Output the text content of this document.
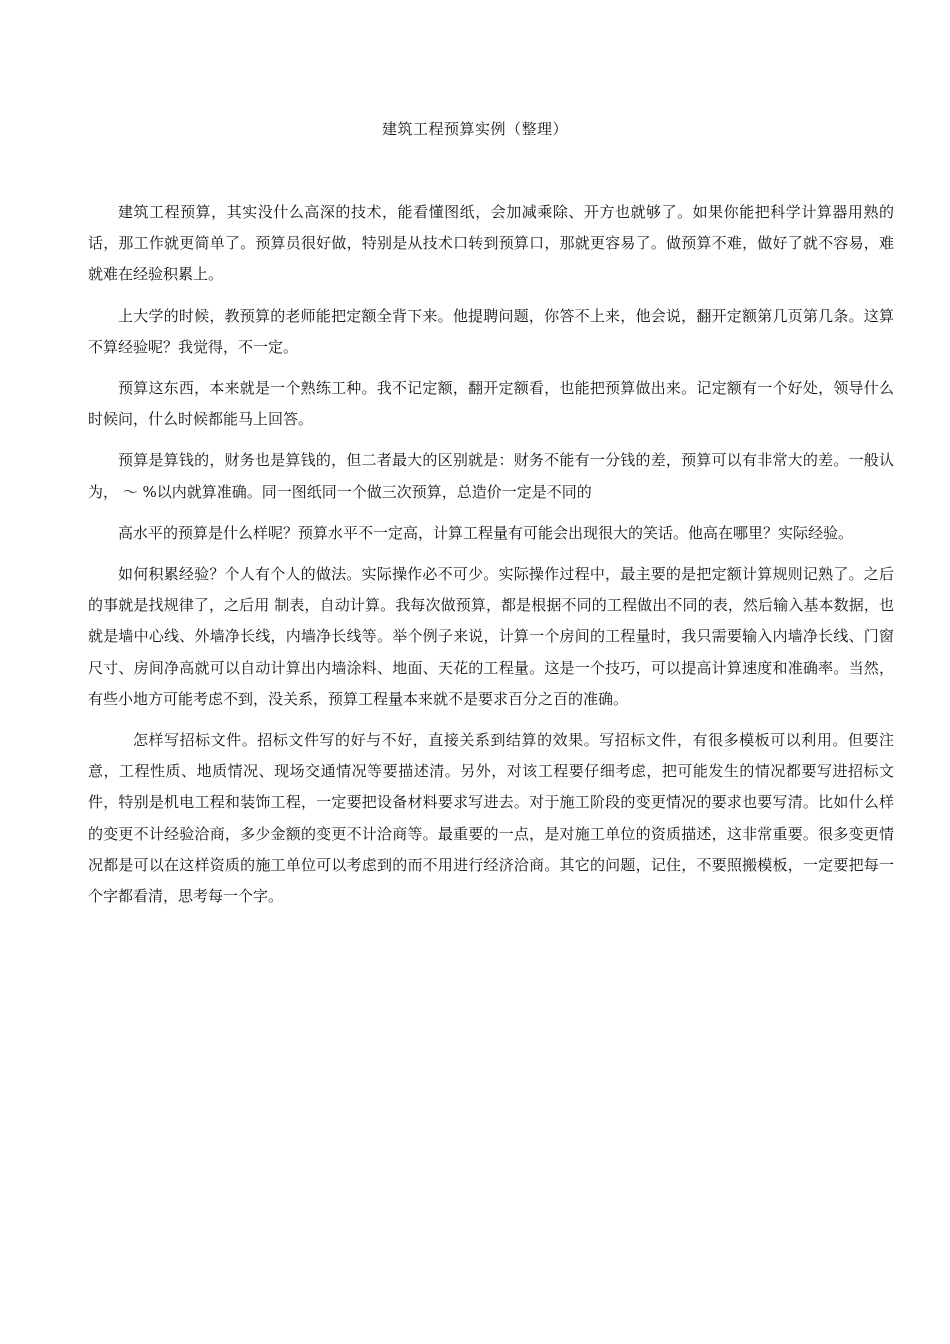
建筑工程预算实例（整理）

建筑工程预算，其实没什么高深的技术，能看懂图纸，会加减乘除、开方也就够了。如果你能把科学计算器用熟的话，那工作就更简单了。预算员很好做，特别是从技术口转到预算口，那就更容易了。做预算不难，做好了就不容易，难就难在经验积累上。

上大学的时候，教预算的老师能把定额全背下来。他提聘问题，你答不上来，他会说，翻开定额第几页第几条。这算不算经验呢？我觉得，不一定。

预算这东西，本来就是一个熟练工种。我不记定额，翻开定额看，也能把预算做出来。记定额有一个好处，领导什么时候问，什么时候都能马上回答。

预算是算钱的，财务也是算钱的，但二者最大的区别就是：财务不能有一分钱的差，预算可以有非常大的差。一般认为， ～ %以内就算准确。同一图纸同一个做三次预算，总造价一定是不同的

高水平的预算是什么样呢？预算水平不一定高，计算工程量有可能会出现很大的笑话。他高在哪里？实际经验。

如何积累经验？个人有个人的做法。实际操作必不可少。实际操作过程中，最主要的是把定额计算规则记熟了。之后的事就是找规律了，之后用 制表，自动计算。我每次做预算，都是根据不同的工程做出不同的表，然后输入基本数据，也就是墙中心线、外墙净长线，内墙净长线等。举个例子来说，计算一个房间的工程量时，我只需要输入内墙净长线、门窗尺寸、房间净高就可以自动计算出内墙涂料、地面、天花的工程量。这是一个技巧，可以提高计算速度和准确率。当然，有些小地方可能考虑不到，没关系，预算工程量本来就不是要求百分之百的准确。

怎样写招标文件。招标文件写的好与不好，直接关系到结算的效果。写招标文件，有很多模板可以利用。但要注意，工程性质、地质情况、现场交通情况等要描述清。另外，对该工程要仔细考虑，把可能发生的情况都要写进招标文件，特别是机电工程和装饰工程，一定要把设备材料要求写进去。对于施工阶段的变更情况的要求也要写清。比如什么样的变更不计经验洽商，多少金额的变更不计洽商等。最重要的一点，是对施工单位的资质描述，这非常重要。很多变更情况都是可以在这样资质的施工单位可以考虑到的而不用进行经济洽商。其它的问题，记住，不要照搬模板，一定要把每一个字都看清，思考每一个字。
